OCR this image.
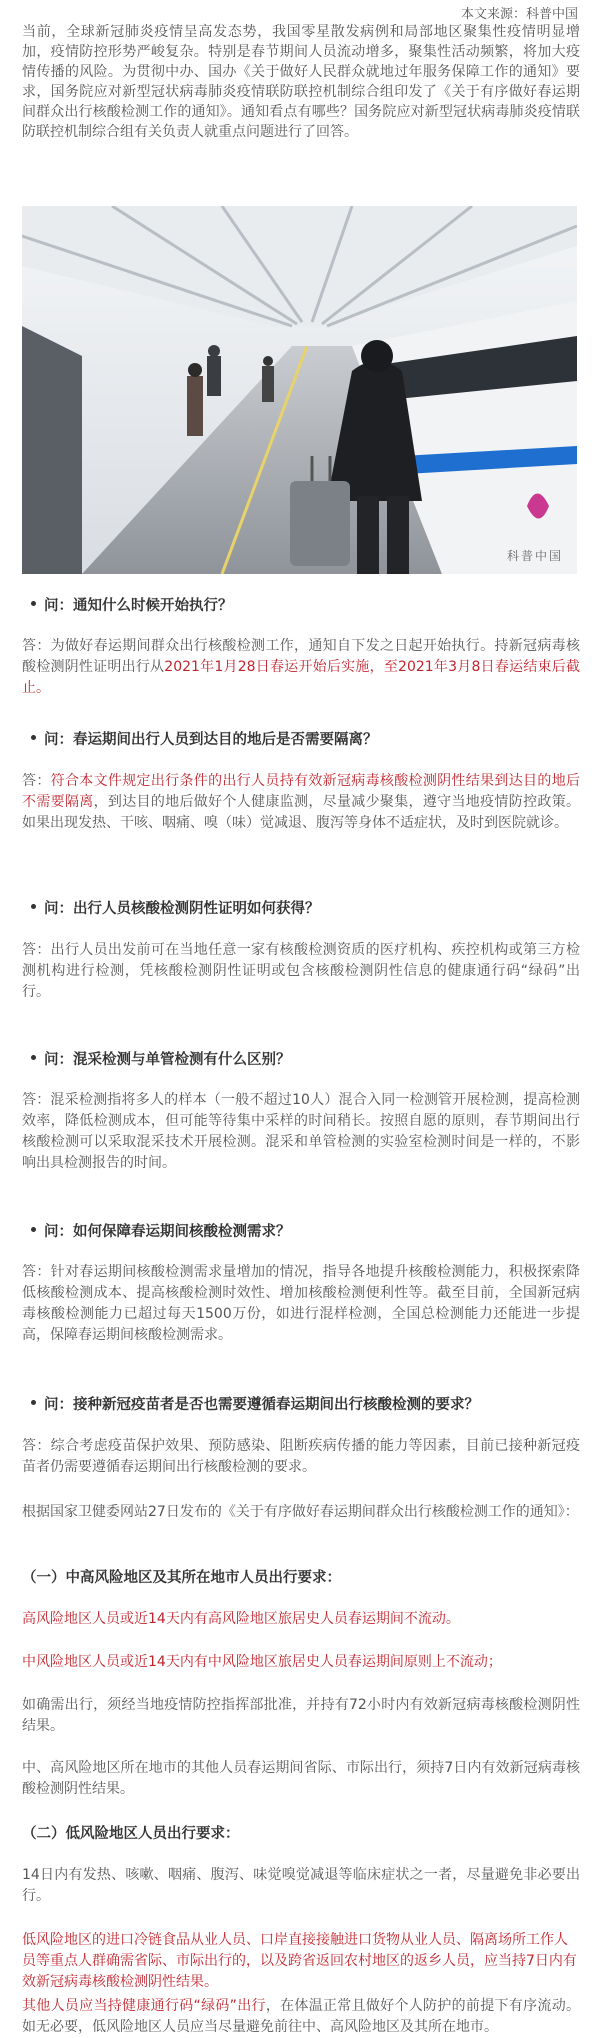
本文来源：科普中国
当前，全球新冠肺炎疫情呈高发态势，我国零星散发病例和局部地区聚集性疫情明显增加，疫情防控形势严峻复杂。特别是春节期间人员流动增多，聚集性活动频繁，将加大疫情传播的风险。为贯彻中办、国办《关于做好人民群众就地过年服务保障工作的通知》要求，国务院应对新型冠状病毒肺炎疫情联防联控机制综合组印发了《关于有序做好春运期间群众出行核酸检测工作的通知》。通知看点有哪些？国务院应对新型冠状病毒肺炎疫情联防联控机制综合组有关负责人就重点问题进行了回答。
科普中国
问：通知什么时候开始执行？
答：为做好春运期间群众出行核酸检测工作，通知自下发之日起开始执行。持新冠病毒核酸检测阴性证明出行从2021年1月28日春运开始后实施，至2021年3月8日春运结束后截止。
问：春运期间出行人员到达目的地后是否需要隔离？
答：符合本文件规定出行条件的出行人员持有效新冠病毒核酸检测阴性结果到达目的地后不需要隔离，到达目的地后做好个人健康监测，尽量减少聚集，遵守当地疫情防控政策。如果出现发热、干咳、咽痛、嗅（味）觉减退、腹泻等身体不适症状，及时到医院就诊。
问：出行人员核酸检测阴性证明如何获得？
答：出行人员出发前可在当地任意一家有核酸检测资质的医疗机构、疾控机构或第三方检测机构进行检测，凭核酸检测阴性证明或包含核酸检测阴性信息的健康通行码“绿码”出行。
问：混采检测与单管检测有什么区别？
答：混采检测指将多人的样本（一般不超过10人）混合入同一检测管开展检测，提高检测效率，降低检测成本，但可能等待集中采样的时间稍长。按照自愿的原则，春节期间出行核酸检测可以采取混采技术开展检测。混采和单管检测的实验室检测时间是一样的，不影响出具检测报告的时间。
问：如何保障春运期间核酸检测需求？
答：针对春运期间核酸检测需求量增加的情况，指导各地提升核酸检测能力，积极探索降低核酸检测成本、提高核酸检测时效性、增加核酸检测便利性等。截至目前，全国新冠病毒核酸检测能力已超过每天1500万份，如进行混样检测，全国总检测能力还能进一步提高，保障春运期间核酸检测需求。
问：接种新冠疫苗者是否也需要遵循春运期间出行核酸检测的要求？
答：综合考虑疫苗保护效果、预防感染、阻断疾病传播的能力等因素，目前已接种新冠疫苗者仍需要遵循春运期间出行核酸检测的要求。
根据国家卫健委网站27日发布的《关于有序做好春运期间群众出行核酸检测工作的通知》：
（一）中高风险地区及其所在地市人员出行要求：
高风险地区人员或近14天内有高风险地区旅居史人员春运期间不流动。
中风险地区人员或近14天内有中风险地区旅居史人员春运期间原则上不流动；
如确需出行，须经当地疫情防控指挥部批准，并持有72小时内有效新冠病毒核酸检测阴性结果。
中、高风险地区所在地市的其他人员春运期间省际、市际出行，须持7日内有效新冠病毒核酸检测阴性结果。
（二）低风险地区人员出行要求：
14日内有发热、咳嗽、咽痛、腹泻、味觉嗅觉减退等临床症状之一者，尽量避免非必要出行。
低风险地区的进口冷链食品从业人员、口岸直接接触进口货物从业人员、隔离场所工作人员等重点人群确需省际、市际出行的，以及跨省返回农村地区的返乡人员，应当持7日内有效新冠病毒核酸检测阴性结果。
其他人员应当持健康通行码“绿码”出行，在体温正常且做好个人防护的前提下有序流动。如无必要，低风险地区人员应当尽量避免前往中、高风险地区及其所在地市。
